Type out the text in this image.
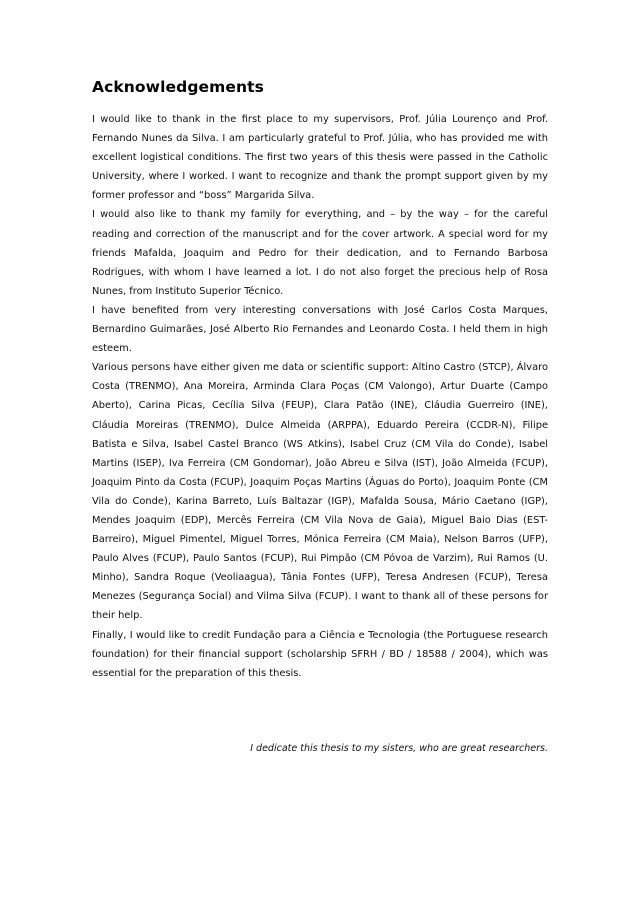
Acknowledgements

I would like to thank in the first place to my supervisors, Prof. Júlia Lourenço and Prof. Fernando Nunes da Silva. I am particularly grateful to Prof. Júlia, who has provided me with excellent logistical conditions. The first two years of this thesis were passed in the Catholic University, where I worked. I want to recognize and thank the prompt support given by my former professor and “boss” Margarida Silva.

I would also like to thank my family for everything, and – by the way – for the careful reading and correction of the manuscript and for the cover artwork. A special word for my friends Mafalda, Joaquim and Pedro for their dedication, and to Fernando Barbosa Rodrigues, with whom I have learned a lot. I do not also forget the precious help of Rosa Nunes, from Instituto Superior Técnico.

I have benefited from very interesting conversations with José Carlos Costa Marques, Bernardino Guimarães, José Alberto Rio Fernandes and Leonardo Costa. I held them in high esteem.

Various persons have either given me data or scientific support: Altino Castro (STCP), Álvaro Costa (TRENMO), Ana Moreira, Arminda Clara Poças (CM Valongo), Artur Duarte (Campo Aberto), Carina Picas, Cecília Silva (FEUP), Clara Patão (INE), Cláudia Guerreiro (INE), Cláudia Moreiras (TRENMO), Dulce Almeida (ARPPA), Eduardo Pereira (CCDR-N), Filipe Batista e Silva, Isabel Castel Branco (WS Atkins), Isabel Cruz (CM Vila do Conde), Isabel Martins (ISEP), Iva Ferreira (CM Gondomar), João Abreu e Silva (IST), João Almeida (FCUP), Joaquim Pinto da Costa (FCUP), Joaquim Poças Martins (Águas do Porto), Joaquim Ponte (CM Vila do Conde), Karina Barreto, Luís Baltazar (IGP), Mafalda Sousa, Mário Caetano (IGP), Mendes Joaquim (EDP), Mercês Ferreira (CM Vila Nova de Gaia), Miguel Baio Dias (EST-Barreiro), Miguel Pimentel, Miguel Torres, Mónica Ferreira (CM Maia), Nelson Barros (UFP), Paulo Alves (FCUP), Paulo Santos (FCUP), Rui Pimpão (CM Póvoa de Varzim), Rui Ramos (U. Minho), Sandra Roque (Veoliaagua), Tânia Fontes (UFP), Teresa Andresen (FCUP), Teresa Menezes (Segurança Social) and Vilma Silva (FCUP). I want to thank all of these persons for their help.

Finally, I would like to credit Fundação para a Ciência e Tecnologia (the Portuguese research foundation) for their financial support (scholarship SFRH / BD / 18588 / 2004), which was essential for the preparation of this thesis.

I dedicate this thesis to my sisters, who are great researchers.
